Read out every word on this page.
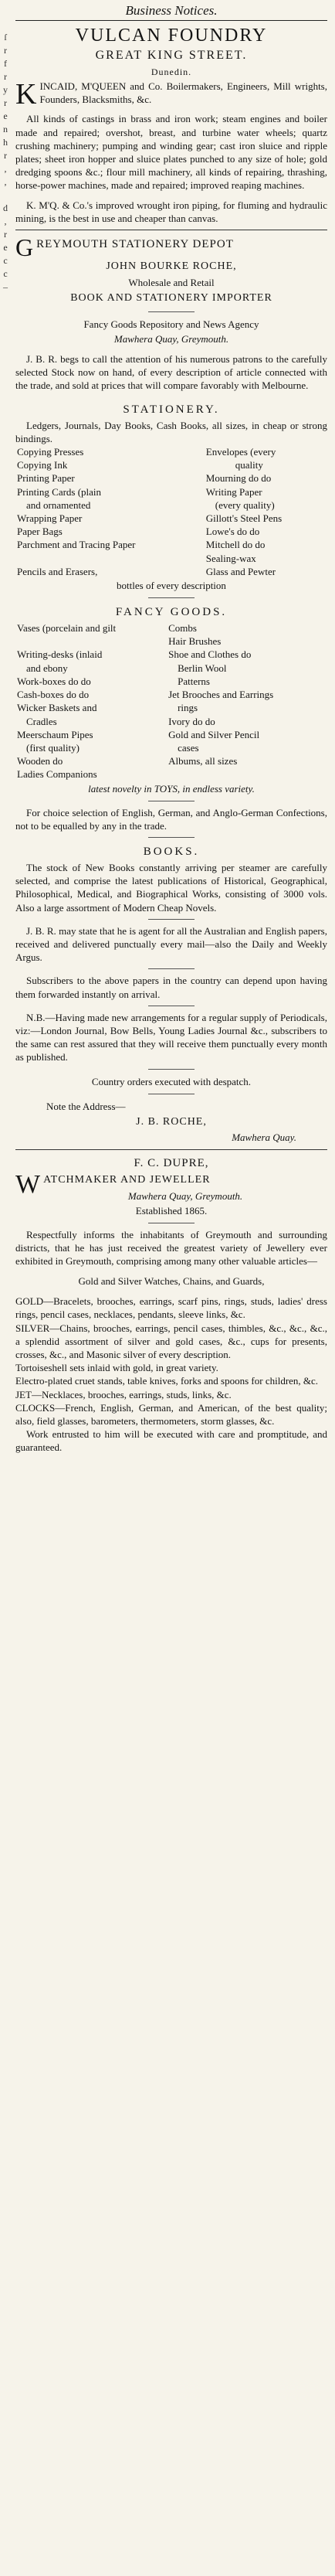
ſ
r
f
r
y
r
e
n
h
r
,
,

d
,
r
e
c
c
–
Business Notices.
VULCAN FOUNDRY
GREAT KING STREET.
Dunedin.

KINCAID, M'QUEEN and Co. Boilermakers, Engineers, Mill wrights, Founders, Blacksmiths, &c.

All kinds of castings in brass and iron work; steam engines and boiler made and repaired; overshot, breast, and turbine water wheels; quartz crushing machinery; pumping and winding gear; cast iron sluice and ripple plates; sheet iron hopper and sluice plates punched to any size of hole; gold dredging spoons &c.; flour mill machinery, all kinds of repairing, thrashing, horse-power machines, made and repaired; improved reaping machines.

K. M'Q. & Co.'s improved wrought iron piping, for fluming and hydraulic mining, is the best in use and cheaper than canvas.

GREYMOUTH STATIONERY DEPOT
JOHN BOURKE ROCHE,
Wholesale and Retail
BOOK AND STATIONERY IMPORTER
Fancy Goods Repository and News Agency
Mawhera Quay, Greymouth.

J. B. R. begs to call the attention of his numerous patrons to the carefully selected Stock now on hand, of every description of article connected with the trade, and sold at prices that will compare favorably with Melbourne.

STATIONERY.

Ledgers, Journals, Day Books, Cash Books, all sizes, in cheap or strong bindings.

Copying Presses	Envelopes (every
Copying Ink	quality
Printing Paper	Mourning do do
Printing Cards (plain	Writing Paper
and ornamented	(every quality)
Wrapping Paper	Gillott's Steel Pens
Paper Bags	Lowe's do do
Parchment and Tracing Paper	Mitchell do do
	Sealing-wax
Pencils and Erasers,	Glass and Pewter
bottles of every description
FANCY GOODS.
Vases (porcelain and gilt	Combs
	Hair Brushes
Writing-desks (inlaid	Shoe and Clothes do
and ebony	Berlin Wool
Work-boxes do do	Patterns
Cash-boxes do do	Jet Brooches and Earrings
Wicker Baskets and	rings
Cradles	Ivory do do
Meerschaum Pipes	Gold and Silver Pencil
(first quality)	cases
Wooden do	Albums, all sizes
Ladies Companions	
latest novelty in TOYS, in endless variety.

For choice selection of English, German, and Anglo-German Confections, not to be equalled by any in the trade.

BOOKS.

The stock of New Books constantly arriving per steamer are carefully selected, and comprise the latest publications of Historical, Geographical, Philosophical, Medical, and Biographical Works, consisting of 3000 vols. Also a large assortment of Modern Cheap Novels.

J. B. R. may state that he is agent for all the Australian and English papers, received and delivered punctually every mail—also the Daily and Weekly Argus.

Subscribers to the above papers in the country can depend upon having them forwarded instantly on arrival.

N.B.—Having made new arrangements for a regular supply of Periodicals, viz:—London Journal, Bow Bells, Young Ladies Journal &c., subscribers to the same can rest assured that they will receive them punctually every month as published.

Country orders executed with despatch.
Note the Address—
J. B. ROCHE,
Mawhera Quay.
F. C. DUPRE,
WATCHMAKER AND JEWELLER
Mawhera Quay, Greymouth.
Established 1865.

Respectfully informs the inhabitants of Greymouth and surrounding districts, that he has just received the greatest variety of Jewellery ever exhibited in Greymouth, comprising among many other valuable articles—

Gold and Silver Watches, Chains, and Guards,

GOLD—Bracelets, brooches, earrings, scarf pins, rings, studs, ladies' dress rings, pencil cases, necklaces, pendants, sleeve links, &c.

SILVER—Chains, brooches, earrings, pencil cases, thimbles, &c., &c., &c., a splendid assortment of silver and gold cases, &c., cups for presents, crosses, &c., and Masonic silver of every description.

Tortoiseshell sets inlaid with gold, in great variety.

Electro-plated cruet stands, table knives, forks and spoons for children, &c.

JET—Necklaces, brooches, earrings, studs, links, &c.

CLOCKS—French, English, German, and American, of the best quality; also, field glasses, barometers, thermometers, storm glasses, &c.

Work entrusted to him will be executed with care and promptitude, and guaranteed.
